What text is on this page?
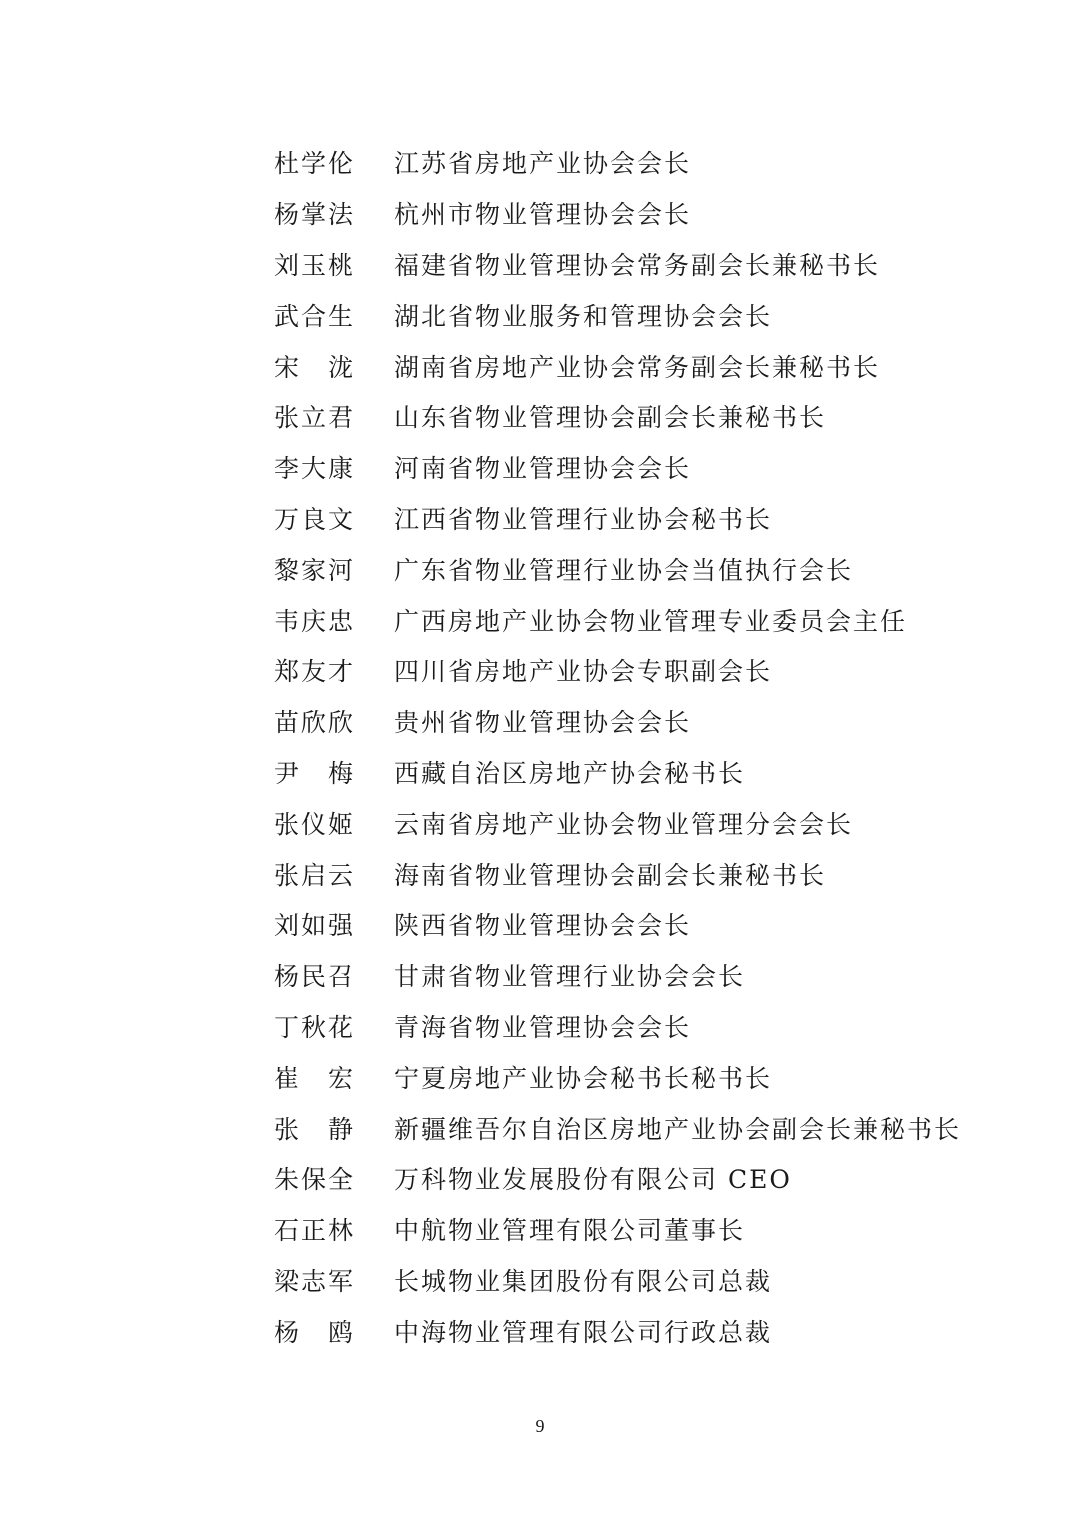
杜学伦	江苏省房地产业协会会长
杨掌法	杭州市物业管理协会会长
刘玉桃	福建省物业管理协会常务副会长兼秘书长
武合生	湖北省物业服务和管理协会会长
宋　泷	湖南省房地产业协会常务副会长兼秘书长
张立君	山东省物业管理协会副会长兼秘书长
李大康	河南省物业管理协会会长
万良文	江西省物业管理行业协会秘书长
黎家河	广东省物业管理行业协会当值执行会长
韦庆忠	广西房地产业协会物业管理专业委员会主任
郑友才	四川省房地产业协会专职副会长
苗欣欣	贵州省物业管理协会会长
尹　梅	西藏自治区房地产协会秘书长
张仪姬	云南省房地产业协会物业管理分会会长
张启云	海南省物业管理协会副会长兼秘书长
刘如强	陕西省物业管理协会会长
杨民召	甘肃省物业管理行业协会会长
丁秋花	青海省物业管理协会会长
崔　宏	宁夏房地产业协会秘书长秘书长
张　静	新疆维吾尔自治区房地产业协会副会长兼秘书长
朱保全	万科物业发展股份有限公司 CEO
石正林	中航物业管理有限公司董事长
梁志军	长城物业集团股份有限公司总裁
杨　鸥	中海物业管理有限公司行政总裁
9
